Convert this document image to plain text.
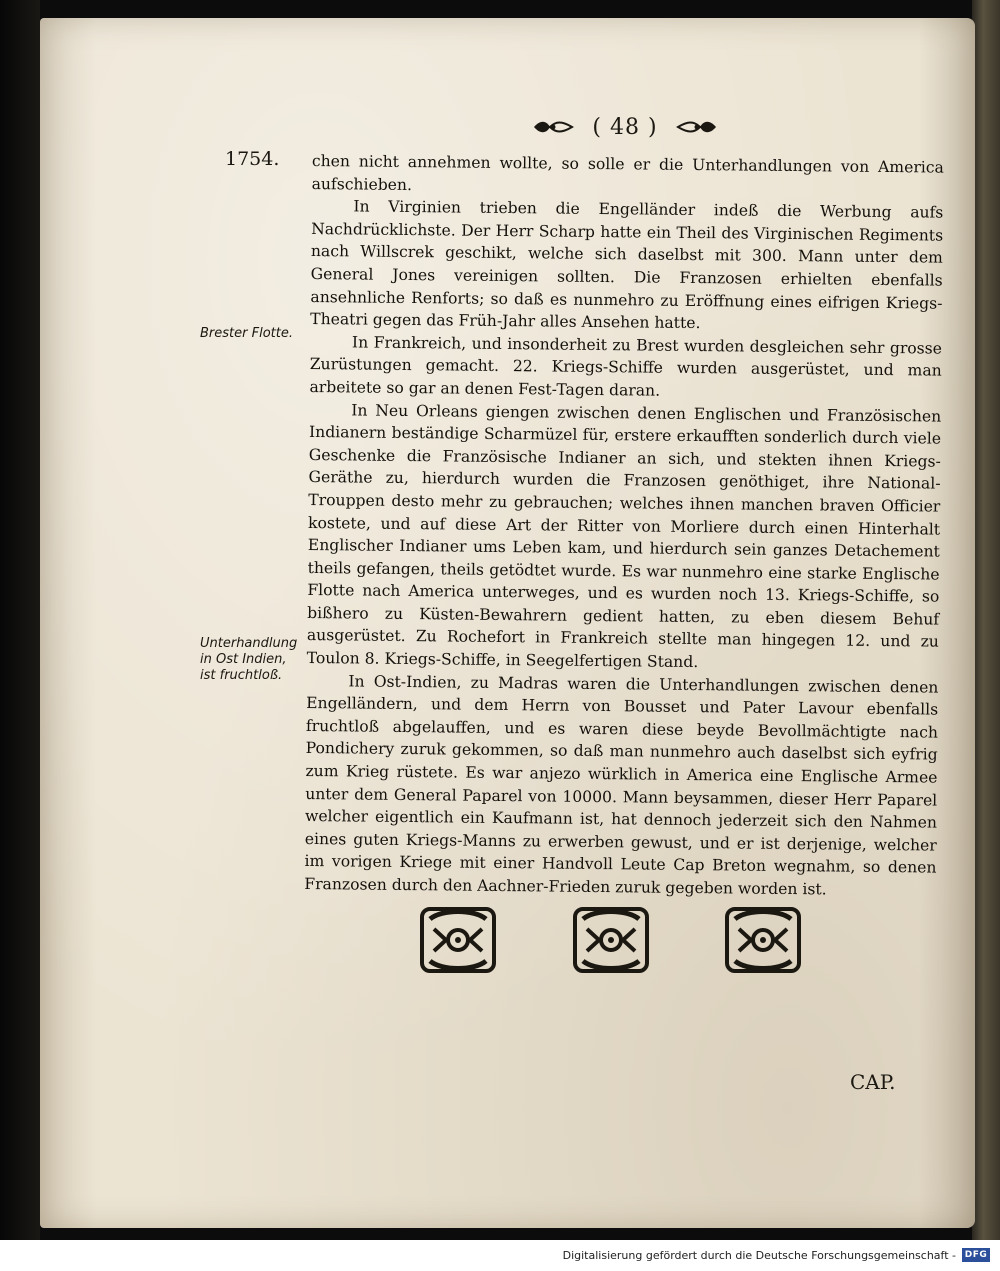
( 48 )
1754.
Brester Flotte.
Unterhandlung
in Ost Indien,
ist fruchtloß.

chen nicht annehmen wollte, so solle er die Unterhandlungen von America aufschieben.

In Virginien trieben die Engelländer indeß die Werbung aufs Nachdrücklichste. Der Herr Scharp hatte ein Theil des Virginischen Regiments nach Willscrek geschikt, welche sich daselbst mit 300. Mann unter dem General Jones vereinigen sollten. Die Franzosen erhielten ebenfalls ansehnliche Renforts; so daß es nunmehro zu Eröffnung eines eifrigen Kriegs-Theatri gegen das Früh-Jahr alles Ansehen hatte.

In Frankreich, und insonderheit zu Brest wurden desgleichen sehr grosse Zurüstungen gemacht. 22. Kriegs-Schiffe wurden ausgerüstet, und man arbeitete so gar an denen Fest-Tagen daran.

In Neu Orleans giengen zwischen denen Englischen und Französischen Indianern beständige Scharmüzel für, erstere erkaufften sonderlich durch viele Geschenke die Französische Indianer an sich, und stekten ihnen Kriegs-Geräthe zu, hierdurch wurden die Franzosen genöthiget, ihre National-Trouppen desto mehr zu gebrauchen; welches ihnen manchen braven Officier kostete, und auf diese Art der Ritter von Morliere durch einen Hinterhalt Englischer Indianer ums Leben kam, und hierdurch sein ganzes Detachement theils gefangen, theils getödtet wurde. Es war nunmehro eine starke Englische Flotte nach America unterweges, und es wurden noch 13. Kriegs-Schiffe, so bißhero zu Küsten-Bewahrern gedient hatten, zu eben diesem Behuf ausgerüstet. Zu Rochefort in Frankreich stellte man hingegen 12. und zu Toulon 8. Kriegs-Schiffe, in Seegelfertigen Stand.

In Ost-Indien, zu Madras waren die Unterhandlungen zwischen denen Engelländern, und dem Herrn von Bousset und Pater Lavour ebenfalls fruchtloß abgelauffen, und es waren diese beyde Bevollmächtigte nach Pondichery zuruk gekommen, so daß man nunmehro auch daselbst sich eyfrig zum Krieg rüstete. Es war anjezo würklich in America eine Englische Armee unter dem General Paparel von 10000. Mann beysammen, dieser Herr Paparel welcher eigentlich ein Kaufmann ist, hat dennoch jederzeit sich den Nahmen eines guten Kriegs-Manns zu erwerben gewust, und er ist derjenige, welcher im vorigen Kriege mit einer Handvoll Leute Cap Breton wegnahm, so denen Franzosen durch den Aachner-Frieden zuruk gegeben worden ist.

CAP.
Digitalisierung gefördert durch die Deutsche Forschungsgemeinschaft - DFG
